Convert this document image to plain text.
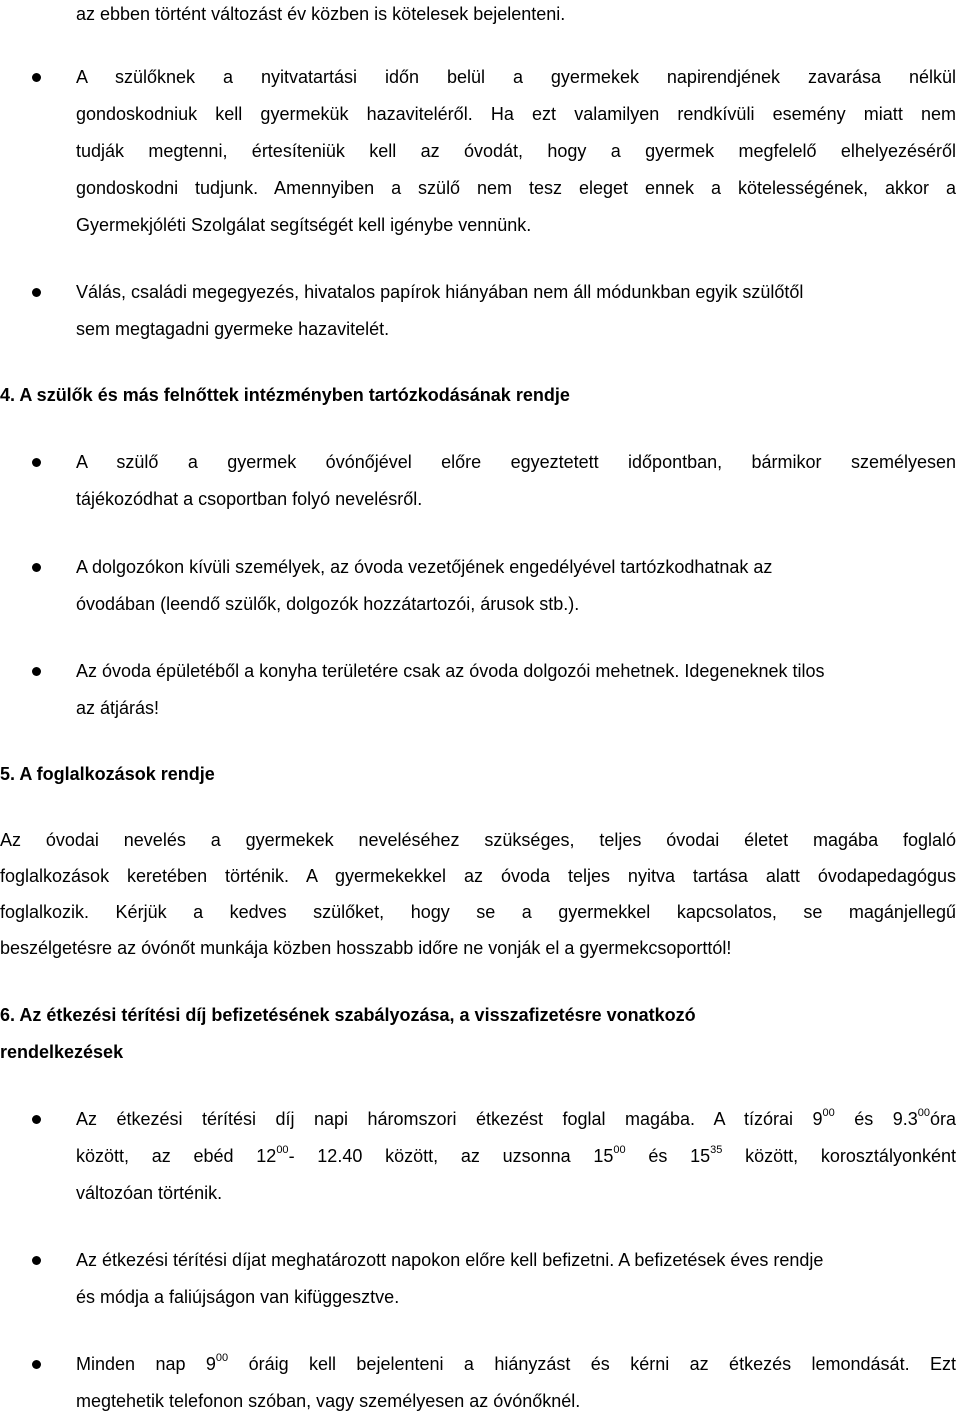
az ebben történt változást év közben is kötelesek bejelenteni.

A szülőknek a nyitvatartási időn belül a gyermekek napirendjének zavarása nélkül

gondoskodniuk kell gyermekük hazaviteléről. Ha ezt valamilyen rendkívüli esemény miatt nem

tudják megtenni, értesíteniük kell az óvodát, hogy a gyermek megfelelő elhelyezéséről

gondoskodni tudjunk. Amennyiben a szülő nem tesz eleget ennek a kötelességének, akkor a

Gyermekjóléti Szolgálat segítségét kell igénybe vennünk.

Válás, családi megegyezés, hivatalos papírok hiányában nem áll módunkban egyik szülőtől

sem megtagadni gyermeke hazavitelét.

4. A szülők és más felnőttek intézményben tartózkodásának rendje

A szülő a gyermek óvónőjével előre egyeztetett időpontban, bármikor személyesen

tájékozódhat a csoportban folyó nevelésről.

A dolgozókon kívüli személyek, az óvoda vezetőjének engedélyével tartózkodhatnak az

óvodában (leendő szülők, dolgozók hozzátartozói, árusok stb.).

Az óvoda épületéből a konyha területére csak az óvoda dolgozói mehetnek. Idegeneknek tilos

az átjárás!

5. A foglalkozások rendje

Az óvodai nevelés a gyermekek neveléséhez szükséges, teljes óvodai életet magába foglaló

foglalkozások keretében történik. A gyermekekkel az óvoda teljes nyitva tartása alatt óvodapedagógus

foglalkozik. Kérjük a kedves szülőket, hogy se a gyermekkel kapcsolatos, se magánjellegű

beszélgetésre az óvónőt munkája közben hosszabb időre ne vonják el a gyermekcsoporttól!

6. Az étkezési térítési díj befizetésének szabályozása, a visszafizetésre vonatkozó
rendelkezések

Az étkezési térítési díj napi háromszori étkezést foglal magába. A tízórai $9^{00}$ és $9.3^{00}óra$

között, az ebéd $12^{00}-$ 12.40 között, az uzsonna $15^{00}$ és $15^{35}$ között, korosztályonként

változóan történik.

Az étkezési térítési díjat meghatározott napokon előre kell befizetni. A befizetések éves rendje

és módja a faliújságon van kifüggesztve.

Minden nap $9^{00}$ óráig kell bejelenteni a hiányzást és kérni az étkezés lemondását. Ezt

megtehetik telefonon szóban, vagy személyesen az óvónőknél.
